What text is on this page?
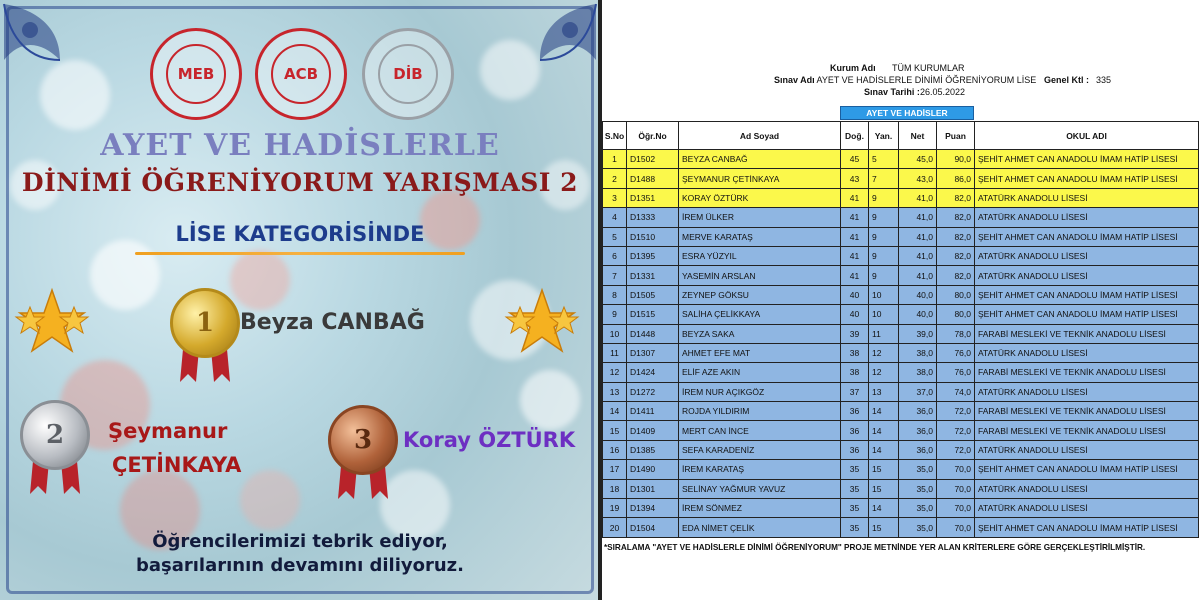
MEB	ACB	DİB
AYET VE HADİSLERLE
DİNİMİ ÖĞRENİYORUM YARIŞMASI 2
LİSE KATEGORİSİNDE
1 Beyza CANBAĞ
2 Şeymanur
ÇETİNKAYA
3 Koray ÖZTÜRK
Öğrencilerimizi tebrik ediyor,
başarılarının devamını diliyoruz.
Kurum Adı TÜM KURUMLAR
Sınav Adı
: AYET VE HADİSLERLE DİNİMİ ÖĞRENİYORUM LİSE
Sınav Tarihi : 26.05.2022
Genel Ktl : 335
AYET VE HADİSLER
S.No	Öğr.No	Ad Soyad	Doğ.	Yan.	Net	Puan	OKUL ADI
1	D1502	BEYZA CANBAĞ	45	5	45,0	90,0	ŞEHİT AHMET CAN ANADOLU İMAM HATİP LİSESİ
2	D1488	ŞEYMANUR ÇETİNKAYA	43	7	43,0	86,0	ŞEHİT AHMET CAN ANADOLU İMAM HATİP LİSESİ
3	D1351	KORAY ÖZTÜRK	41	9	41,0	82,0	ATATÜRK ANADOLU LİSESİ
4	D1333	İREM ÜLKER	41	9	41,0	82,0	ATATÜRK ANADOLU LİSESİ
5	D1510	MERVE KARATAŞ	41	9	41,0	82,0	ŞEHİT AHMET CAN ANADOLU İMAM HATİP LİSESİ
6	D1395	ESRA YÜZYIL	41	9	41,0	82,0	ATATÜRK ANADOLU LİSESİ
7	D1331	YASEMİN ARSLAN	41	9	41,0	82,0	ATATÜRK ANADOLU LİSESİ
8	D1505	ZEYNEP GÖKSU	40	10	40,0	80,0	ŞEHİT AHMET CAN ANADOLU İMAM HATİP LİSESİ
9	D1515	SALİHA ÇELİKKAYA	40	10	40,0	80,0	ŞEHİT AHMET CAN ANADOLU İMAM HATİP LİSESİ
10	D1448	BEYZA SAKA	39	11	39,0	78,0	FARABİ MESLEKİ VE TEKNİK ANADOLU LİSESİ
11	D1307	AHMET EFE MAT	38	12	38,0	76,0	ATATÜRK ANADOLU LİSESİ
12	D1424	ELİF AZE AKIN	38	12	38,0	76,0	FARABİ MESLEKİ VE TEKNİK ANADOLU LİSESİ
13	D1272	İREM NUR AÇIKGÖZ	37	13	37,0	74,0	ATATÜRK ANADOLU LİSESİ
14	D1411	ROJDA YILDIRIM	36	14	36,0	72,0	FARABİ MESLEKİ VE TEKNİK ANADOLU LİSESİ
15	D1409	MERT CAN İNCE	36	14	36,0	72,0	FARABİ MESLEKİ VE TEKNİK ANADOLU LİSESİ
16	D1385	SEFA KARADENİZ	36	14	36,0	72,0	ATATÜRK ANADOLU LİSESİ
17	D1490	İREM KARATAŞ	35	15	35,0	70,0	ŞEHİT AHMET CAN ANADOLU İMAM HATİP LİSESİ
18	D1301	SELİNAY YAĞMUR YAVUZ	35	15	35,0	70,0	ATATÜRK ANADOLU LİSESİ
19	D1394	İREM SÖNMEZ	35	14	35,0	70,0	ATATÜRK ANADOLU LİSESİ
20	D1504	EDA NİMET ÇELİK	35	15	35,0	70,0	ŞEHİT AHMET CAN ANADOLU İMAM HATİP LİSESİ
*SIRALAMA "AYET VE HADİSLERLE DİNİMİ ÖĞRENİYORUM" PROJE METNİNDE YER ALAN KRİTERLERE GÖRE GERÇEKLEŞTİRİLMİŞTİR.
